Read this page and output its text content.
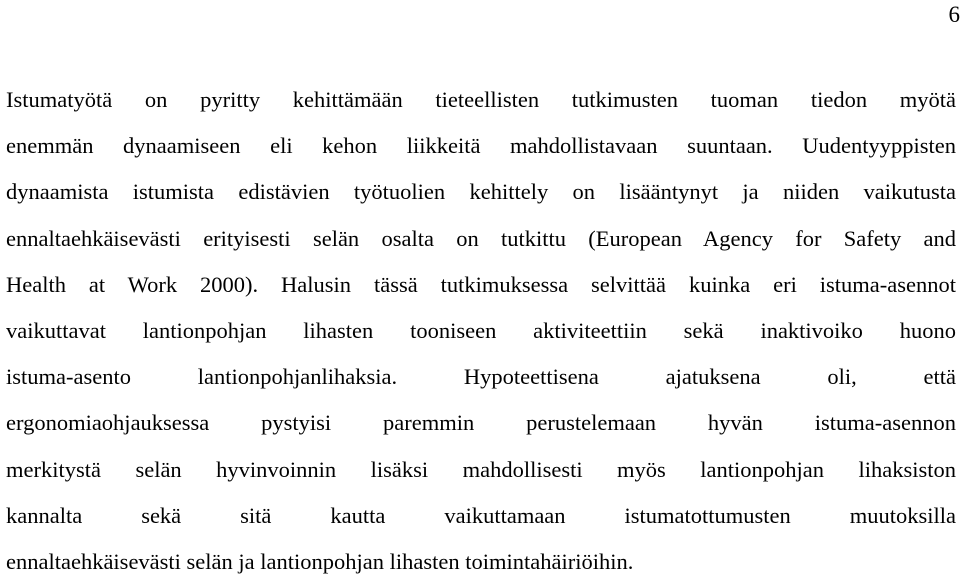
6
Istumatyötä on pyritty kehittämään tieteellisten tutkimusten tuoman tiedon myötä
enemmän dynaamiseen eli kehon liikkeitä mahdollistavaan suuntaan. Uudentyyppisten
dynaamista istumista edistävien työtuolien kehittely on lisääntynyt ja niiden vaikutusta
ennaltaehkäisevästi erityisesti selän osalta on tutkittu (European Agency for Safety and
Health at Work 2000). Halusin tässä tutkimuksessa selvittää kuinka eri istuma-asennot
vaikuttavat lantionpohjan lihasten tooniseen aktiviteettiin sekä inaktivoiko huono
istuma-asento lantionpohjanlihaksia. Hypoteettisena ajatuksena oli, että
ergonomiaohjauksessa pystyisi paremmin perustelemaan hyvän istuma-asennon
merkitystä selän hyvinvoinnin lisäksi mahdollisesti myös lantionpohjan lihaksiston
kannalta sekä sitä kautta vaikuttamaan istumatottumusten muutoksilla
ennaltaehkäisevästi selän ja lantionpohjan lihasten toimintahäiriöihin.
